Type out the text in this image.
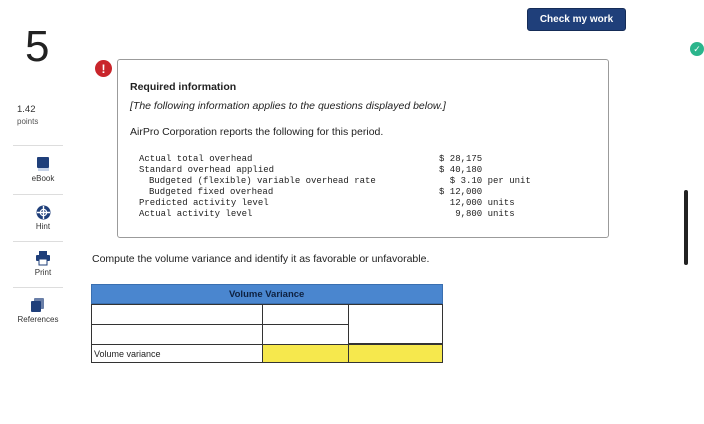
Check my work
✓
5
1.42
points
eBook
Hint
Print
References
!
Required information
[The following information applies to the questions displayed below.]
AirPro Corporation reports the following for this period.
Actual total overhead	$ 28,175
Standard overhead applied	$ 40,180
Budgeted (flexible) variable overhead rate	$ 3.10 per unit
Budgeted fixed overhead	$ 12,000
Predicted activity level	12,000 units
Actual activity level	9,800 units
Compute the volume variance and identify it as favorable or unfavorable.
Volume Variance
Volume variance
